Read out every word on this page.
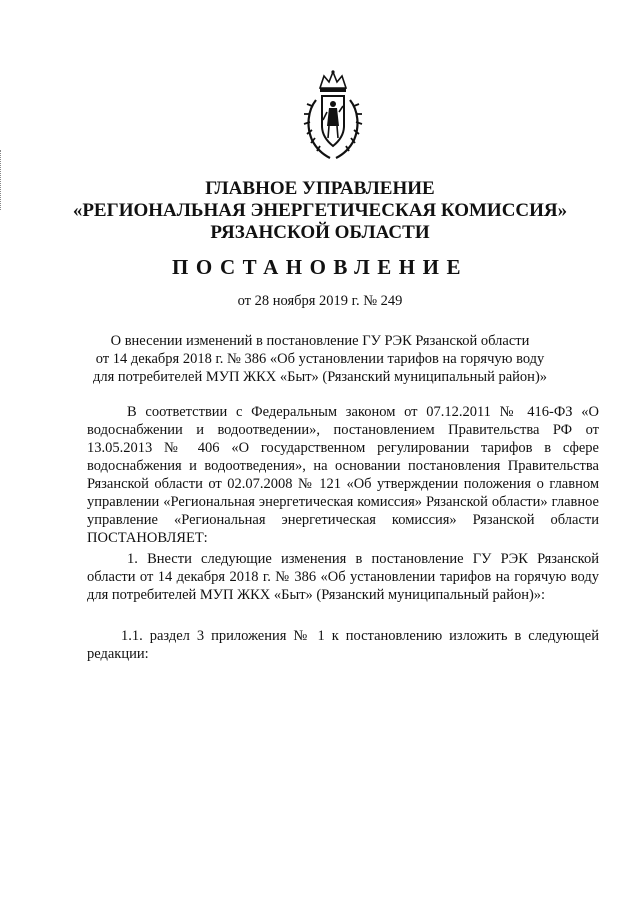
ГЛАВНОЕ УПРАВЛЕНИЕ
«РЕГИОНАЛЬНАЯ ЭНЕРГЕТИЧЕСКАЯ КОМИССИЯ»
РЯЗАНСКОЙ ОБЛАСТИ
ПОСТАНОВЛЕНИЕ
от 28 ноября 2019 г. № 249
О внесении изменений в постановление ГУ РЭК Рязанской области
от 14 декабря 2018 г. № 386 «Об установлении тарифов на горячую воду
для потребителей МУП ЖКХ «Быт» (Рязанский муниципальный район)»
В соответствии с Федеральным законом от 07.12.2011 № 416-ФЗ «О водоснабжении и водоотведении», постановлением Правительства РФ от 13.05.2013 № 406 «О государственном регулировании тарифов в сфере водоснабжения и водоотведения», на основании постановления Правительства Рязанской области от 02.07.2008 № 121 «Об утверждении положения о главном управлении «Региональная энергетическая комиссия» Рязанской области» главное управление «Региональная энергетическая комиссия» Рязанской области ПОСТАНОВЛЯЕТ:
1. Внести следующие изменения в постановление ГУ РЭК Рязанской области от 14 декабря 2018 г. № 386 «Об установлении тарифов на горячую воду для потребителей МУП ЖКХ «Быт» (Рязанский муниципальный район)»:
1.1. раздел 3 приложения № 1 к постановлению изложить в следующей редакции:
